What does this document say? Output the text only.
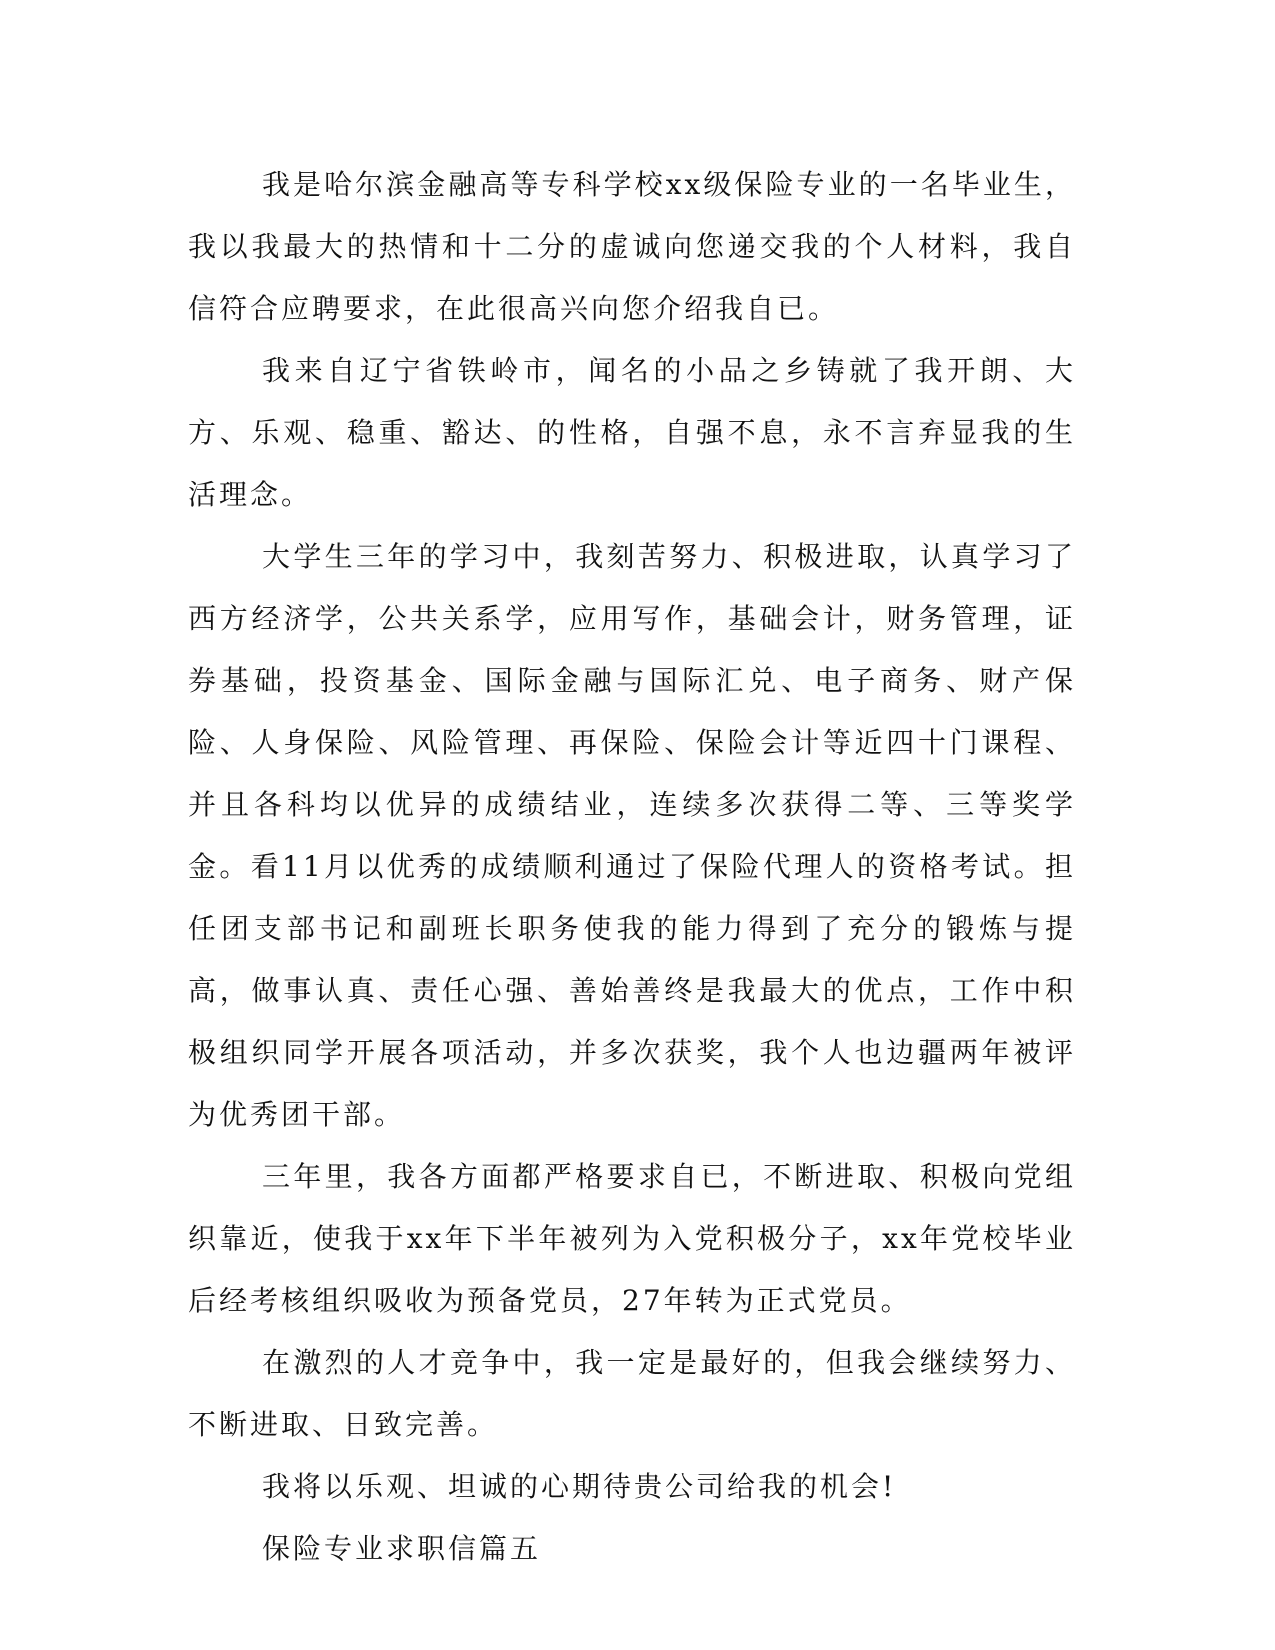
我是哈尔滨金融高等专科学校xx级保险专业的一名毕业生，我以我最大的热情和十二分的虚诚向您递交我的个人材料，我自信符合应聘要求，在此很高兴向您介绍我自已。

我来自辽宁省铁岭市，闻名的小品之乡铸就了我开朗、大方、乐观、稳重、豁达、的性格，自强不息，永不言弃显我的生活理念。

大学生三年的学习中，我刻苦努力、积极进取，认真学习了西方经济学，公共关系学，应用写作，基础会计，财务管理，证券基础，投资基金、国际金融与国际汇兑、电子商务、财产保险、人身保险、风险管理、再保险、保险会计等近四十门课程、并且各科均以优异的成绩结业，连续多次获得二等、三等奖学金。看11月以优秀的成绩顺利通过了保险代理人的资格考试。担任团支部书记和副班长职务使我的能力得到了充分的锻炼与提高，做事认真、责任心强、善始善终是我最大的优点，工作中积极组织同学开展各项活动，并多次获奖，我个人也边疆两年被评为优秀团干部。

三年里，我各方面都严格要求自已，不断进取、积极向党组织靠近，使我于xx年下半年被列为入党积极分子，xx年党校毕业后经考核组织吸收为预备党员，27年转为正式党员。

在激烈的人才竞争中，我一定是最好的，但我会继续努力、不断进取、日致完善。

我将以乐观、坦诚的心期待贵公司给我的机会!

保险专业求职信篇五
